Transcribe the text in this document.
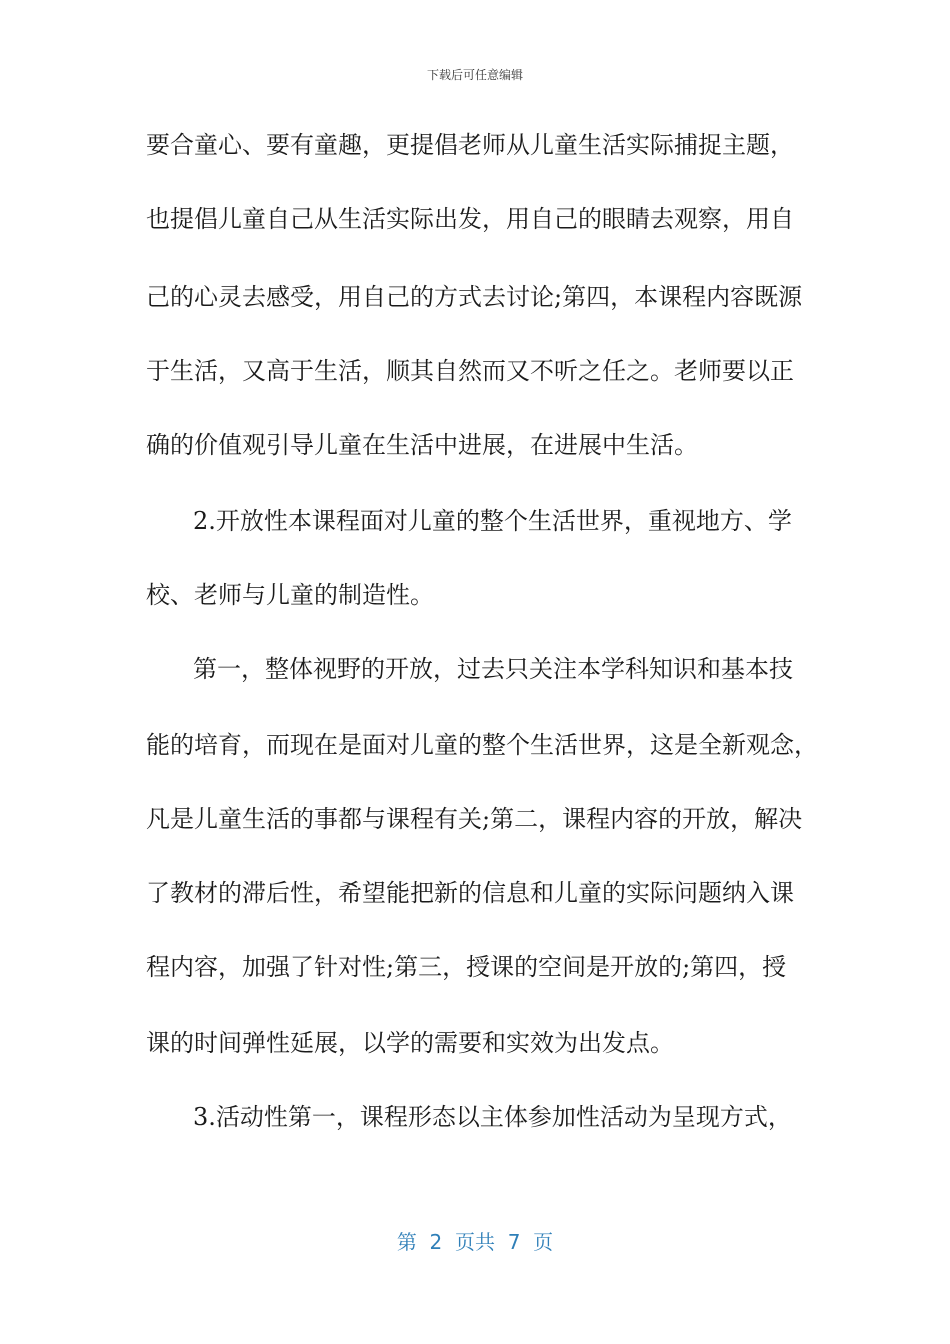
下载后可任意编辑
要合童心、要有童趣，更提倡老师从儿童生活实际捕捉主题，
也提倡儿童自己从生活实际出发，用自己的眼睛去观察，用自
己的心灵去感受，用自己的方式去讨论;第四，本课程内容既源
于生活，又高于生活，顺其自然而又不听之任之。老师要以正
确的价值观引导儿童在生活中进展，在进展中生活。
2.开放性本课程面对儿童的整个生活世界，重视地方、学
校、老师与儿童的制造性。
第一，整体视野的开放，过去只关注本学科知识和基本技
能的培育，而现在是面对儿童的整个生活世界，这是全新观念，
凡是儿童生活的事都与课程有关;第二，课程内容的开放，解决
了教材的滞后性，希望能把新的信息和儿童的实际问题纳入课
程内容，加强了针对性;第三，授课的空间是开放的;第四，授
课的时间弹性延展，以学的需要和实效为出发点。
3.活动性第一，课程形态以主体参加性活动为呈现方式，
第  2  页共  7  页
